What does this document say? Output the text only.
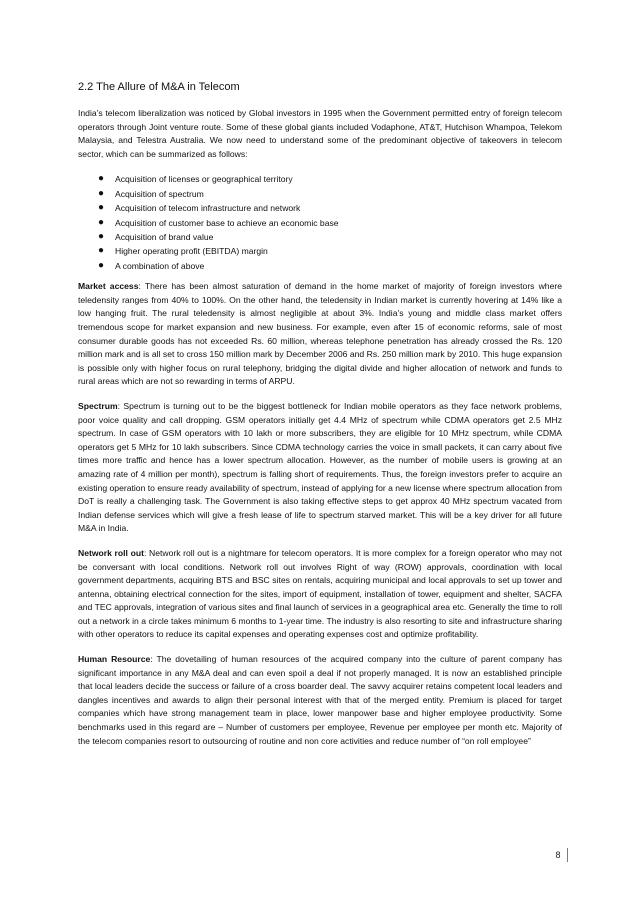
2.2 The Allure of M&A in Telecom

India’s telecom liberalization was noticed by Global investors in 1995 when the Government permitted entry of foreign telecom operators through Joint venture route. Some of these global giants included Vodaphone, AT&T, Hutchison Whampoa, Telekom Malaysia, and Telestra Australia. We now need to understand some of the predominant objective of takeovers in telecom sector, which can be summarized as follows:

● Acquisition of licenses or geographical territory
● Acquisition of spectrum
● Acquisition of telecom infrastructure and network
● Acquisition of customer base to achieve an economic base
● Acquisition of brand value
● Higher operating profit (EBITDA) margin
● A combination of above

Market access: There has been almost saturation of demand in the home market of majority of foreign investors where teledensity ranges from 40% to 100%. On the other hand, the teledensity in Indian market is currently hovering at 14% like a low hanging fruit. The rural teledensity is almost negligible at about 3%. India’s young and middle class market offers tremendous scope for market expansion and new business. For example, even after 15 of economic reforms, sale of most consumer durable goods has not exceeded Rs. 60 million, whereas telephone penetration has already crossed the Rs. 120 million mark and is all set to cross 150 million mark by December 2006 and Rs. 250 million mark by 2010. This huge expansion is possible only with higher focus on rural telephony, bridging the digital divide and higher allocation of network and funds to rural areas which are not so rewarding in terms of ARPU.

Spectrum: Spectrum is turning out to be the biggest bottleneck for Indian mobile operators as they face network problems, poor voice quality and call dropping. GSM operators initially get 4.4 MHz of spectrum while CDMA operators get 2.5 MHz spectrum. In case of GSM operators with 10 lakh or more subscribers, they are eligible for 10 MHz spectrum, while CDMA operators get 5 MHz for 10 lakh subscribers. Since CDMA technology carries the voice in small packets, it can carry about five times more traffic and hence has a lower spectrum allocation. However, as the number of mobile users is growing at an amazing rate of 4 million per month), spectrum is falling short of requirements. Thus, the foreign investors prefer to acquire an existing operation to ensure ready availability of spectrum, instead of applying for a new license where spectrum allocation from DoT is really a challenging task. The Government is also taking effective steps to get approx 40 MHz spectrum vacated from Indian defense services which will give a fresh lease of life to spectrum starved market. This will be a key driver for all future M&A in India.

Network roll out: Network roll out is a nightmare for telecom operators. It is more complex for a foreign operator who may not be conversant with local conditions. Network roll out involves Right of way (ROW) approvals, coordination with local government departments, acquiring BTS and BSC sites on rentals, acquiring municipal and local approvals to set up tower and antenna, obtaining electrical connection for the sites, import of equipment, installation of tower, equipment and shelter, SACFA and TEC approvals, integration of various sites and final launch of services in a geographical area etc. Generally the time to roll out a network in a circle takes minimum 6 months to 1-year time. The industry is also resorting to site and infrastructure sharing with other operators to reduce its capital expenses and operating expenses cost and optimize profitability.

Human Resource: The dovetailing of human resources of the acquired company into the culture of parent company has significant importance in any M&A deal and can even spoil a deal if not properly managed. It is now an established principle that local leaders decide the success or failure of a cross boarder deal. The savvy acquirer retains competent local leaders and dangles incentives and awards to align their personal interest with that of the merged entity. Premium is placed for target companies which have strong management team in place, lower manpower base and higher employee productivity. Some benchmarks used in this regard are – Number of customers per employee, Revenue per employee per month etc. Majority of the telecom companies resort to outsourcing of routine and non core activities and reduce number of “on roll employee”

8
